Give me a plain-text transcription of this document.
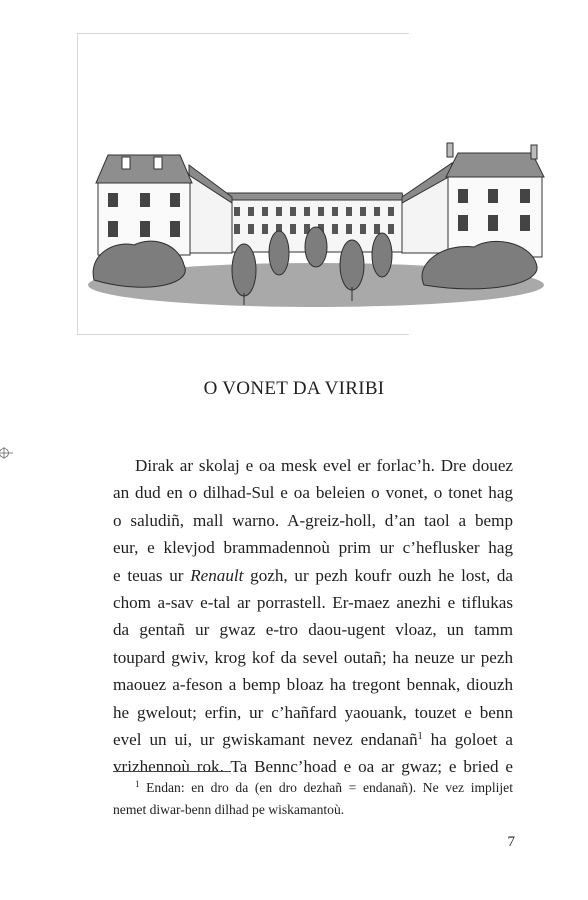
O VONET DA VIRIBI
Dirak ar skolaj e oa mesk evel er forlac’h. Dre douez
an dud en o dilhad-Sul e oa beleien o vonet, o tonet hag
o saludiñ, mall warno. A-greiz-holl, d’an taol a bemp
eur, e klevjod brammadennoù prim ur c’heflusker hag
e teuas ur Renault gozh, ur pezh koufr ouzh he lost, da
chom a-sav e-tal ar porrastell. Er-maez anezhi e tiflukas
da gentañ ur gwaz e-tro daou-ugent vloaz, un tamm
toupard gwiv, krog kof da sevel outañ; ha neuze ur pezh
maouez a-feson a bemp bloaz ha tregont bennak, diouzh
he gwelout; erfin, ur c’hañfard yaouank, touzet e benn
evel un ui, ur gwiskamant nevez endanañ$^1$ ha goloet a
vrizhennoù rok. Ta Bennc’hoad e oa ar gwaz; e bried e
$^1$ Endan: en dro da (en dro dezhañ = endanañ). Ne vez implijet
nemet diwar-benn dilhad pe wiskamantoù.
7
